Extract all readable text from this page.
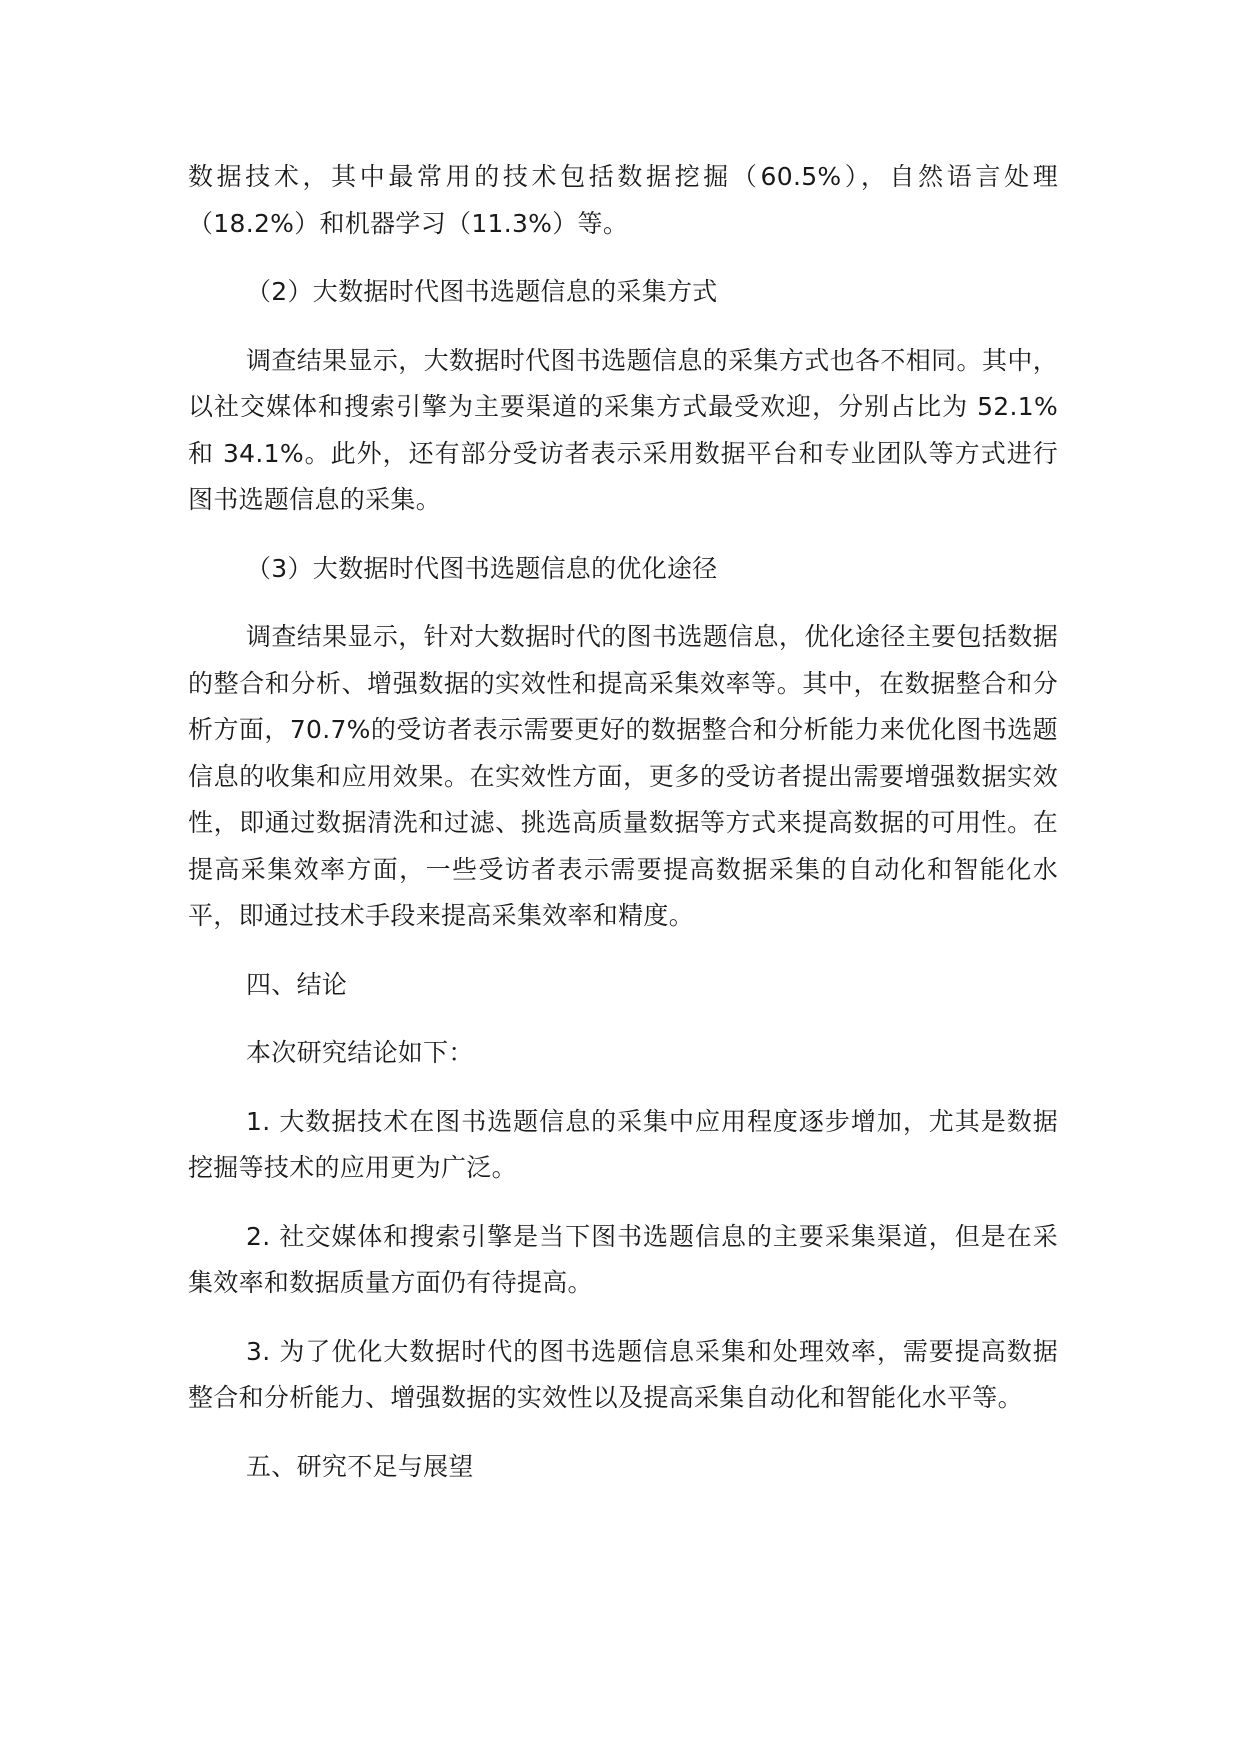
数据技术，其中最常用的技术包括数据挖掘（60.5%），自然语言处理（18.2%）和机器学习（11.3%）等。

（2）大数据时代图书选题信息的采集方式

调查结果显示，大数据时代图书选题信息的采集方式也各不相同。其中，以社交媒体和搜索引擎为主要渠道的采集方式最受欢迎，分别占比为 52.1%和 34.1%。此外，还有部分受访者表示采用数据平台和专业团队等方式进行图书选题信息的采集。

（3）大数据时代图书选题信息的优化途径

调查结果显示，针对大数据时代的图书选题信息，优化途径主要包括数据的整合和分析、增强数据的实效性和提高采集效率等。其中，在数据整合和分析方面，70.7%的受访者表示需要更好的数据整合和分析能力来优化图书选题信息的收集和应用效果。在实效性方面，更多的受访者提出需要增强数据实效性，即通过数据清洗和过滤、挑选高质量数据等方式来提高数据的可用性。在提高采集效率方面，一些受访者表示需要提高数据采集的自动化和智能化水平，即通过技术手段来提高采集效率和精度。

四、结论

本次研究结论如下：

1. 大数据技术在图书选题信息的采集中应用程度逐步增加，尤其是数据挖掘等技术的应用更为广泛。

2. 社交媒体和搜索引擎是当下图书选题信息的主要采集渠道，但是在采集效率和数据质量方面仍有待提高。

3. 为了优化大数据时代的图书选题信息采集和处理效率，需要提高数据整合和分析能力、增强数据的实效性以及提高采集自动化和智能化水平等。

五、研究不足与展望
